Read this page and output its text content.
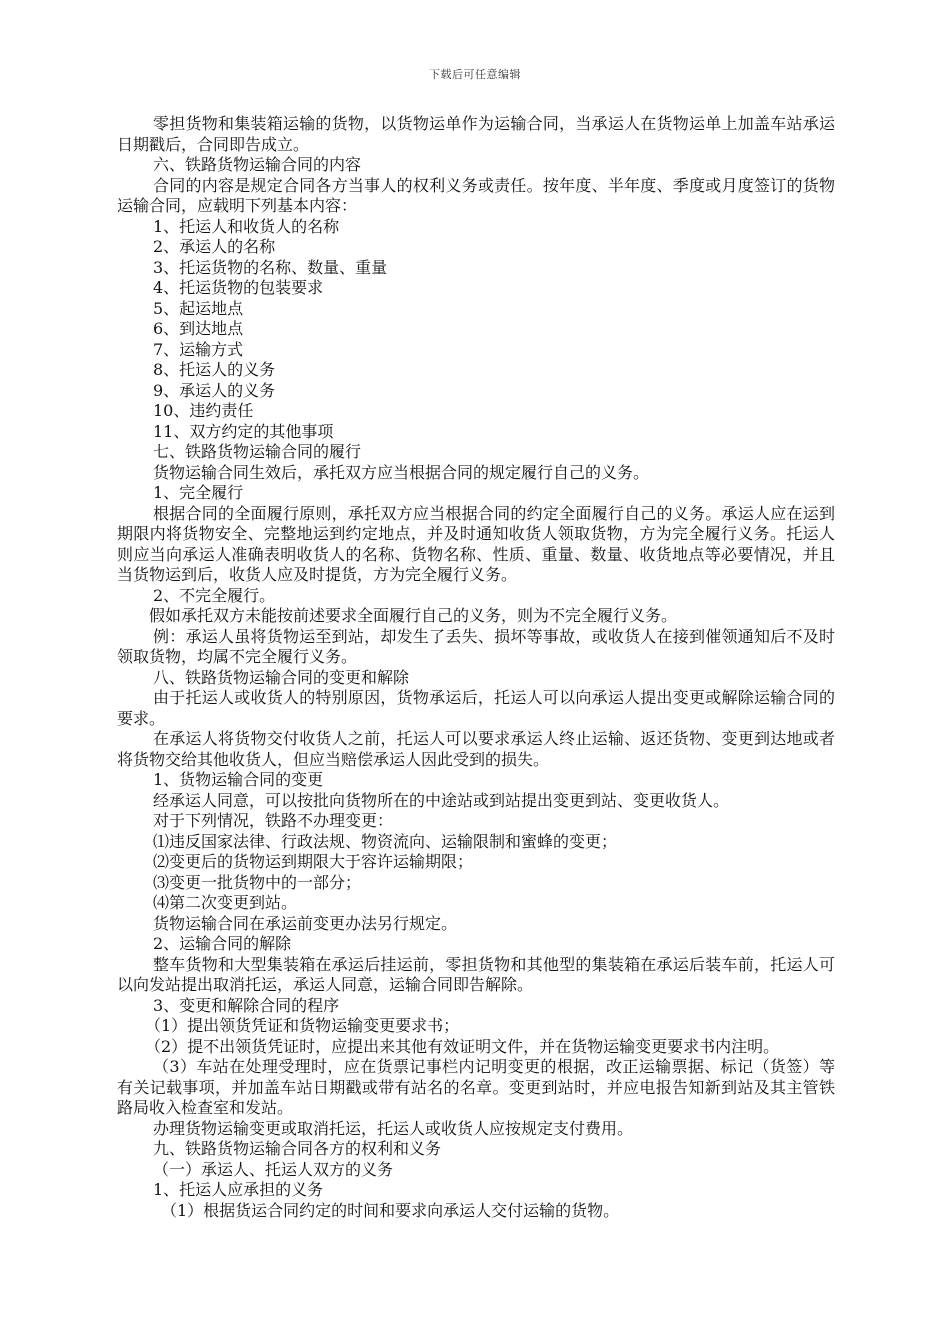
下载后可任意编辑

零担货物和集装箱运输的货物，以货物运单作为运输合同，当承运人在货物运单上加盖车站承运日期戳后，合同即告成立。

六、铁路货物运输合同的内容

合同的内容是规定合同各方当事人的权利义务或责任。按年度、半年度、季度或月度签订的货物运输合同，应载明下列基本内容：

1、托运人和收货人的名称

2、承运人的名称

3、托运货物的名称、数量、重量

4、托运货物的包装要求

5、起运地点

6、到达地点

7、运输方式

8、托运人的义务

9、承运人的义务

10、违约责任

11、双方约定的其他事项

七、铁路货物运输合同的履行

货物运输合同生效后，承托双方应当根据合同的规定履行自己的义务。

1、完全履行

根据合同的全面履行原则，承托双方应当根据合同的约定全面履行自己的义务。承运人应在运到期限内将货物安全、完整地运到约定地点，并及时通知收货人领取货物，方为完全履行义务。托运人则应当向承运人准确表明收货人的名称、货物名称、性质、重量、数量、收货地点等必要情况，并且当货物运到后，收货人应及时提货，方为完全履行义务。

2、不完全履行。

假如承托双方未能按前述要求全面履行自己的义务，则为不完全履行义务。

例：承运人虽将货物运至到站，却发生了丢失、损坏等事故，或收货人在接到催领通知后不及时领取货物，均属不完全履行义务。

八、铁路货物运输合同的变更和解除

由于托运人或收货人的特别原因，货物承运后，托运人可以向承运人提出变更或解除运输合同的要求。

在承运人将货物交付收货人之前，托运人可以要求承运人终止运输、返还货物、变更到达地或者将货物交给其他收货人，但应当赔偿承运人因此受到的损失。

1、货物运输合同的变更

经承运人同意，可以按批向货物所在的中途站或到站提出变更到站、变更收货人。

对于下列情况，铁路不办理变更：

⑴违反国家法律、行政法规、物资流向、运输限制和蜜蜂的变更；

⑵变更后的货物运到期限大于容许运输期限；

⑶变更一批货物中的一部分；

⑷第二次变更到站。

货物运输合同在承运前变更办法另行规定。

2、运输合同的解除

整车货物和大型集装箱在承运后挂运前，零担货物和其他型的集装箱在承运后装车前，托运人可以向发站提出取消托运，承运人同意，运输合同即告解除。

3、变更和解除合同的程序

（1）提出领货凭证和货物运输变更要求书；

（2）提不出领货凭证时，应提出来其他有效证明文件，并在货物运输变更要求书内注明。

（3）车站在处理受理时，应在货票记事栏内记明变更的根据，改正运输票据、标记（货签）等有关记载事项，并加盖车站日期戳或带有站名的名章。变更到站时，并应电报告知新到站及其主管铁路局收入检查室和发站。

办理货物运输变更或取消托运，托运人或收货人应按规定支付费用。

九、铁路货物运输合同各方的权利和义务

（一）承运人、托运人双方的义务

1、托运人应承担的义务

（1）根据货运合同约定的时间和要求向承运人交付运输的货物。
